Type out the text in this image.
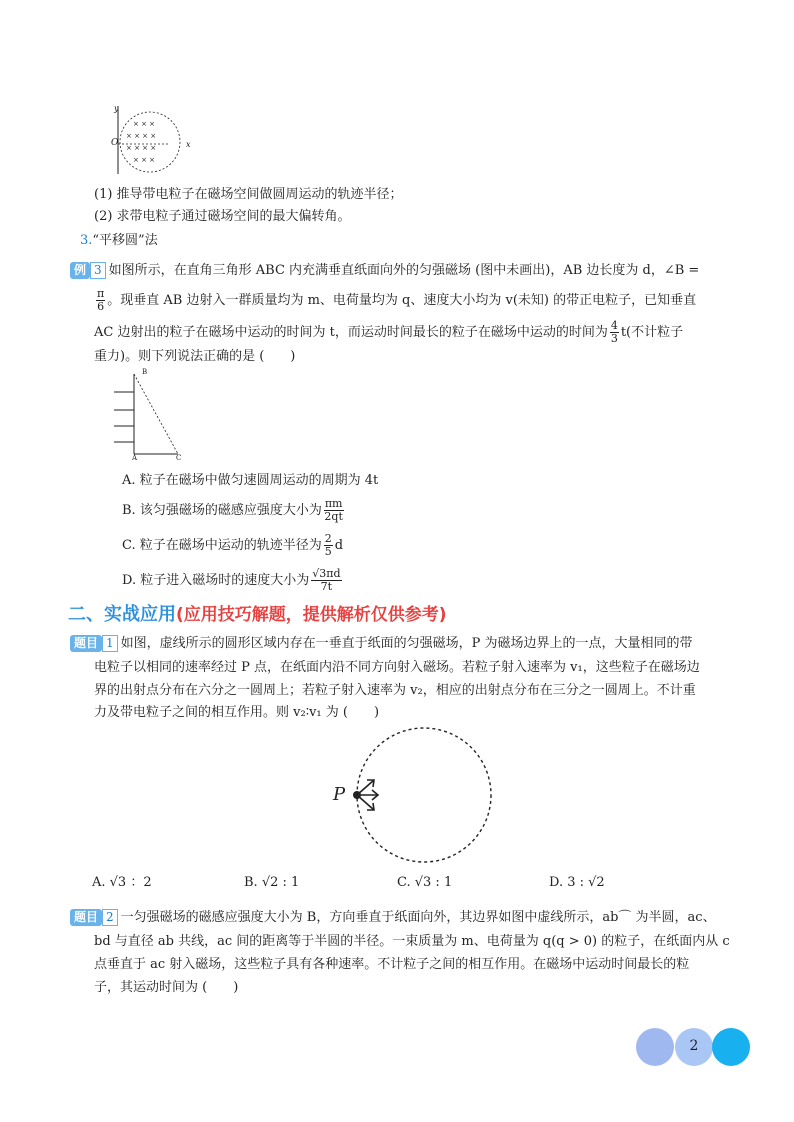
× × ×
× × × ×
× × × ×
× × ×
y
O	x
(1) 推导带电粒子在磁场空间做圆周运动的轨迹半径；
(2) 求带电粒子通过磁场空间的最大偏转角。
3.“平移圆”法
例 3 如图所示，在直角三角形 ABC 内充满垂直纸面向外的匀强磁场 (图中未画出)，AB 边长度为 d，∠B =
$\frac{\pi}{6}$ 。现垂直 AB 边射入一群质量均为 m、电荷量均为 q、速度大小均为 v(未知) 的带正电粒子，已知垂直
AC 边射出的粒子在磁场中运动的时间为 t，而运动时间最长的粒子在磁场中运动的时间为 $\frac{4}{3} t$(不计粒子
重力)。则下列说法正确的是 (　　)
B
A	C
A. 粒子在磁场中做匀速圆周运动的周期为 4t
B. 该匀强磁场的磁感应强度大小为 $\frac{\pi m}{2qt}$
C. 粒子在磁场中运动的轨迹半径为 $\frac{2}{5}$ d
D. 粒子进入磁场时的速度大小为 $\frac{√3\pi d}{7t}$
二、实战应用(应用技巧解题，提供解析仅供参考)
题目 1 如图，虚线所示的圆形区域内存在一垂直于纸面的匀强磁场，P 为磁场边界上的一点，大量相同的带
电粒子以相同的速率经过 P 点，在纸面内沿不同方向射入磁场。若粒子射入速率为 v₁，这些粒子在磁场边
界的出射点分布在六分之一圆周上；若粒子射入速率为 v₂，相应的出射点分布在三分之一圆周上。不计重
力及带电粒子之间的相互作用。则 v₂∶v₁ 为 (　　)
P
A. √3 ：2	B. √2 : 1	C. √3 : 1	D. 3 : √2
题目 2 一匀强磁场的磁感应强度大小为 B，方向垂直于纸面向外，其边界如图中虚线所示，ab⌒ 为半圆，ac、
bd 与直径 ab 共线，ac 间的距离等于半圆的半径。一束质量为 m、电荷量为 q(q > 0) 的粒子，在纸面内从 c
点垂直于 ac 射入磁场，这些粒子具有各种速率。不计粒子之间的相互作用。在磁场中运动时间最长的粒
子，其运动时间为 (　　)
2
